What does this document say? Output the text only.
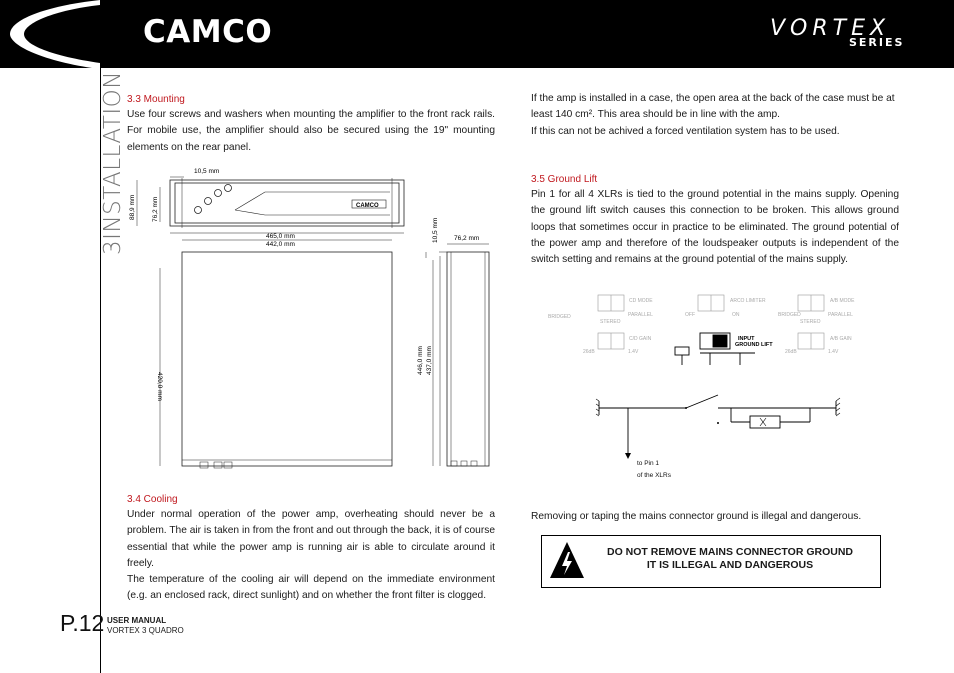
CAMCO	VORTEX
SERIES
3INSTALLATION
P.12 USER MANUAL
VORTEX 3 QUADRO
3.3 Mounting

Use four screws and washers when mounting the amplifier to the front rack rails. For mobile use, the amplifier should also be secured using the 19" mounting elements on the rear panel.

10,5 mm
88,9 mm 76,2 mm
465,0 mm
442,0 mm
10,5 mm 76,2 mm
420,0 mm
446,0 mm 437,0 mm
CAMCO
3.4 Cooling

Under normal operation of the power amp, overheating should never be a problem. The air is taken in from the front and out through the back, it is of course essential that while the power amp is running air is able to circulate around it freely.

The temperature of the cooling air will depend on the immediate environment (e.g. an enclosed rack, direct sunlight) and on whether the front filter is clogged.

If the amp is installed in a case, the open area at the back of the case must be at least 140 cm². This area should be in line with the amp.

If this can not be achived a forced ventilation system has to be used.

3.5 Ground Lift

Pin 1 for all 4 XLRs is tied to the ground potential in the mains supply. Opening the ground lift switch causes this connection to be broken. This allows ground loops that sometimes occur in practice to be eliminated. The ground potential of the power amp and therefore of the loudspeaker outputs is independent of the switch setting and remains at the ground potential of the mains supply.

CD MODE
PARALLEL
STEREO
BRIDGED
ARCO LIMITER
OFF	ON
A/B MODE
PARALLEL
STEREO
BRIDGED
C/D GAIN
26dB	1.4V
A/B GAIN
26dB	1.4V
INPUT
GROUND LIFT
to Pin 1
of the XLRs

Removing or taping the mains connector ground is illegal and dangerous.

DO NOT REMOVE MAINS CONNECTOR GROUND
IT IS ILLEGAL AND DANGEROUS
